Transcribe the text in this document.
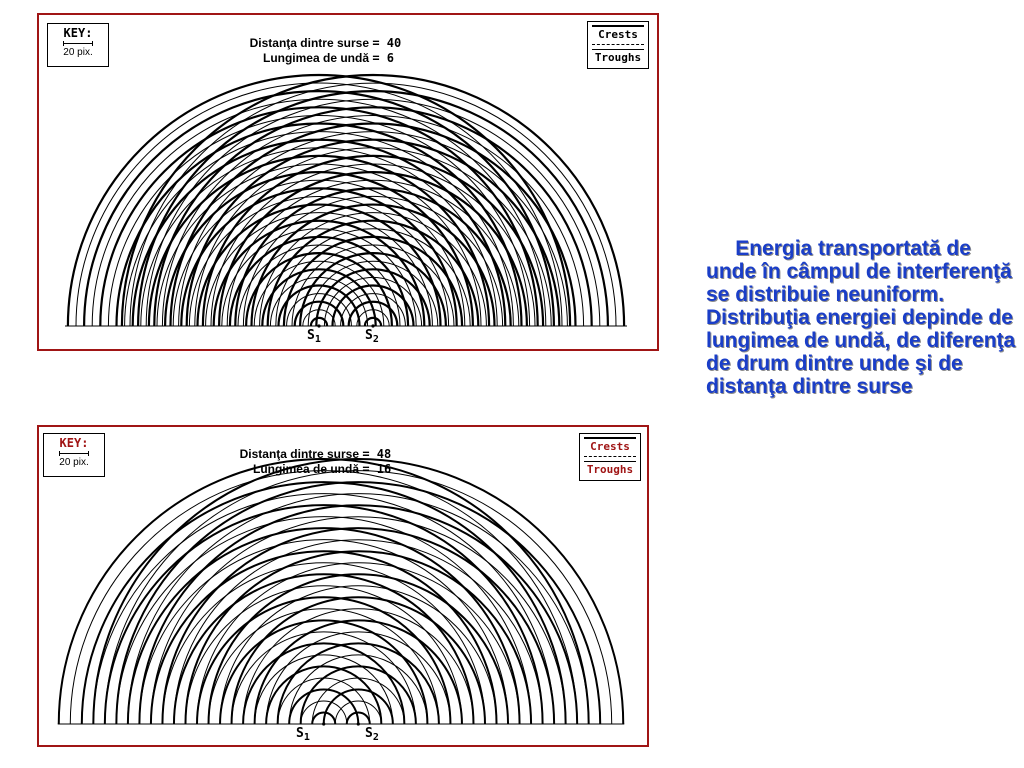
KEY:
20 pix.
Distanţa dintre surse = 40
Lungimea de undă = 6
Crests
Troughs
$S_1$	$S_2$
KEY:
20 pix.
Distanţa dintre surse = 48
Lungimea de undă = 16
Crests
Troughs
$S_1$	$S_2$
Energia transportată de unde în câmpul de interferenţă se distribuie neuniform. Distribuţia energiei depinde de lungimea de undă, de diferenţa de drum dintre unde şi de distanţa dintre surse
